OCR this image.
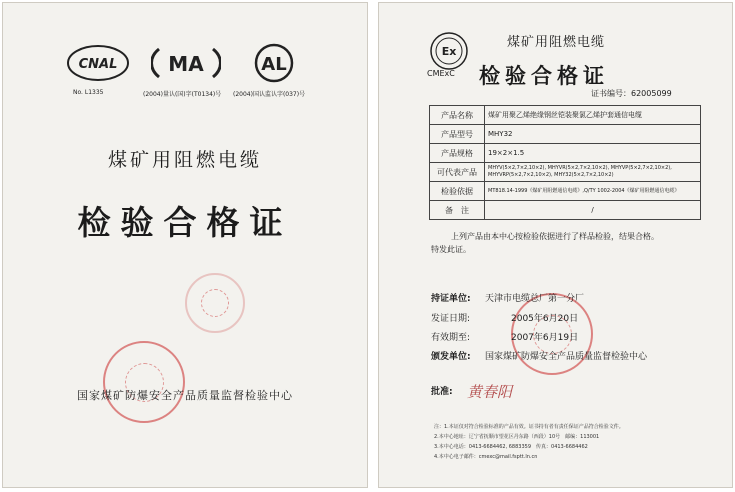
CNAL
No. L1335
MA
(2004)量认(国)字(T0134)号
AL
(2004)国认监认字(037)号
煤矿用阻燃电缆
检验合格证
国家煤矿防爆安全产品质量监督检验中心
Ex
CMExC
煤矿用阻燃电缆
检验合格证
证书编号：62005099
产品名称	煤矿用聚乙烯绝缘钢丝铠装聚氯乙烯护套通信电缆
产品型号	MHY32
产品规格	19×2×1.5
可代表产品	MHYV(5×2,7×2,10×2), MHYVR(5×2,7×2,10×2), MHYVP(5×2,7×2,10×2), MHYVRP(5×2,7×2,10×2), MHY32(5×2,7×2,10×2)
检验依据	MT818.14-1999《煤矿用阻燃通信电缆》,Q/TY 1002-2004《煤矿用阻燃通信电缆》
备　注	/
上列产品由本中心按检验依据进行了样品检验，结果合格。
特发此证。
持证单位: 天津市电缆总厂第一分厂
发证日期:	2005年6月20日
有效期至:	2007年6月19日
颁发单位: 国家煤矿防爆安全产品质量监督检验中心
批准: 黄春阳
注：1.本证仅对符合检验标准的产品有效。证书持有者有责任保证产品符合检验文件。
2.本中心地址：辽宁省抚顺市望花区丹东路（西段）10号　邮编：113001
3.本中心电话：0413-6684462, 6883359　传真：0413-6684462
4.本中心电子邮件：cmexc@mail.fsptt.ln.cn
